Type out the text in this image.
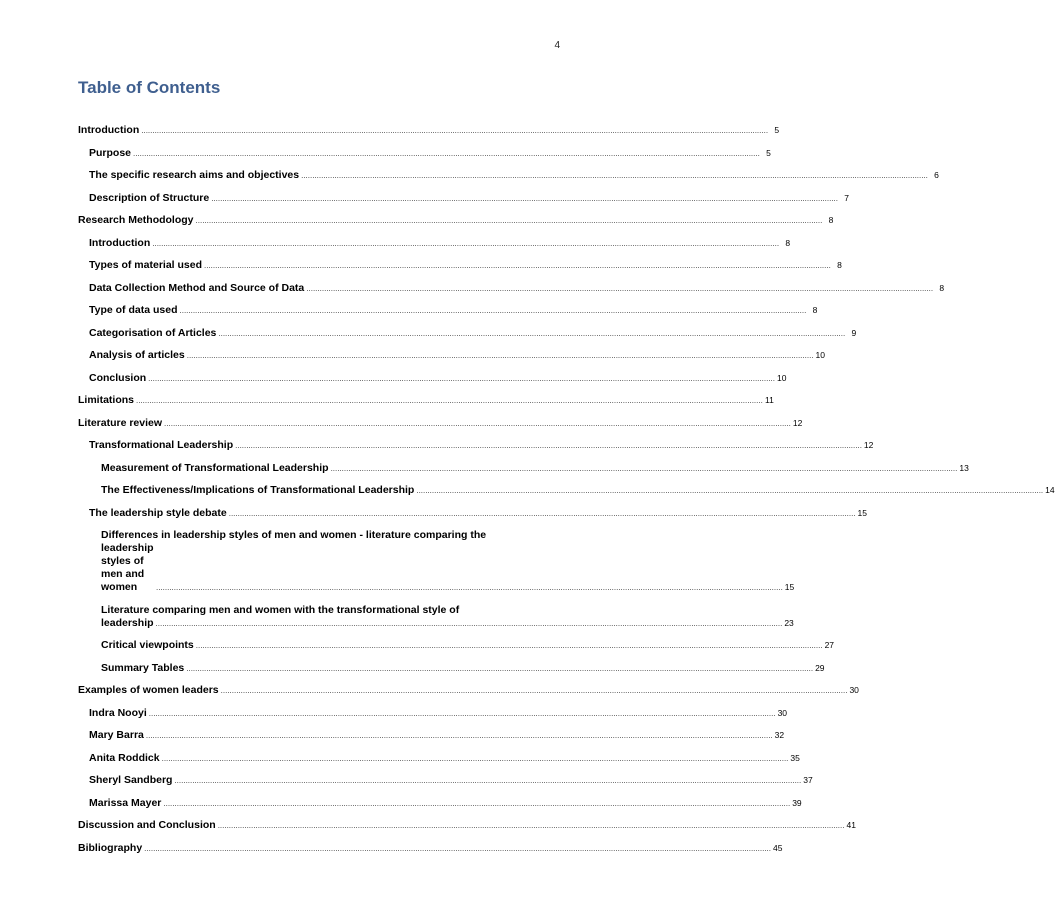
4
Table of Contents
Introduction .....	5
Purpose .....	5
The specific research aims and objectives .....	6
Description of Structure .....	7
Research Methodology .....	8
Introduction .....	8
Types of material used .....	8
Data Collection Method and Source of Data .....	8
Type of data used .....	8
Categorisation of Articles .....	9
Analysis of articles .....	10
Conclusion .....	10
Limitations .....	11
Literature review .....	12
Transformational Leadership .....	12
Measurement of Transformational Leadership .....	13
The Effectiveness/Implications of Transformational Leadership .....	14
The leadership style debate .....	15
Differences in leadership styles of men and women - literature comparing the
leadership styles of men and women .....	15
Literature comparing men and women with the transformational style of
leadership .....	23
Critical viewpoints .....	27
Summary Tables .....	29
Examples of women leaders .....	30
Indra Nooyi .....	30
Mary Barra .....	32
Anita Roddick .....	35
Sheryl Sandberg .....	37
Marissa Mayer .....	39
Discussion and Conclusion .....	41
Bibliography .....	45
